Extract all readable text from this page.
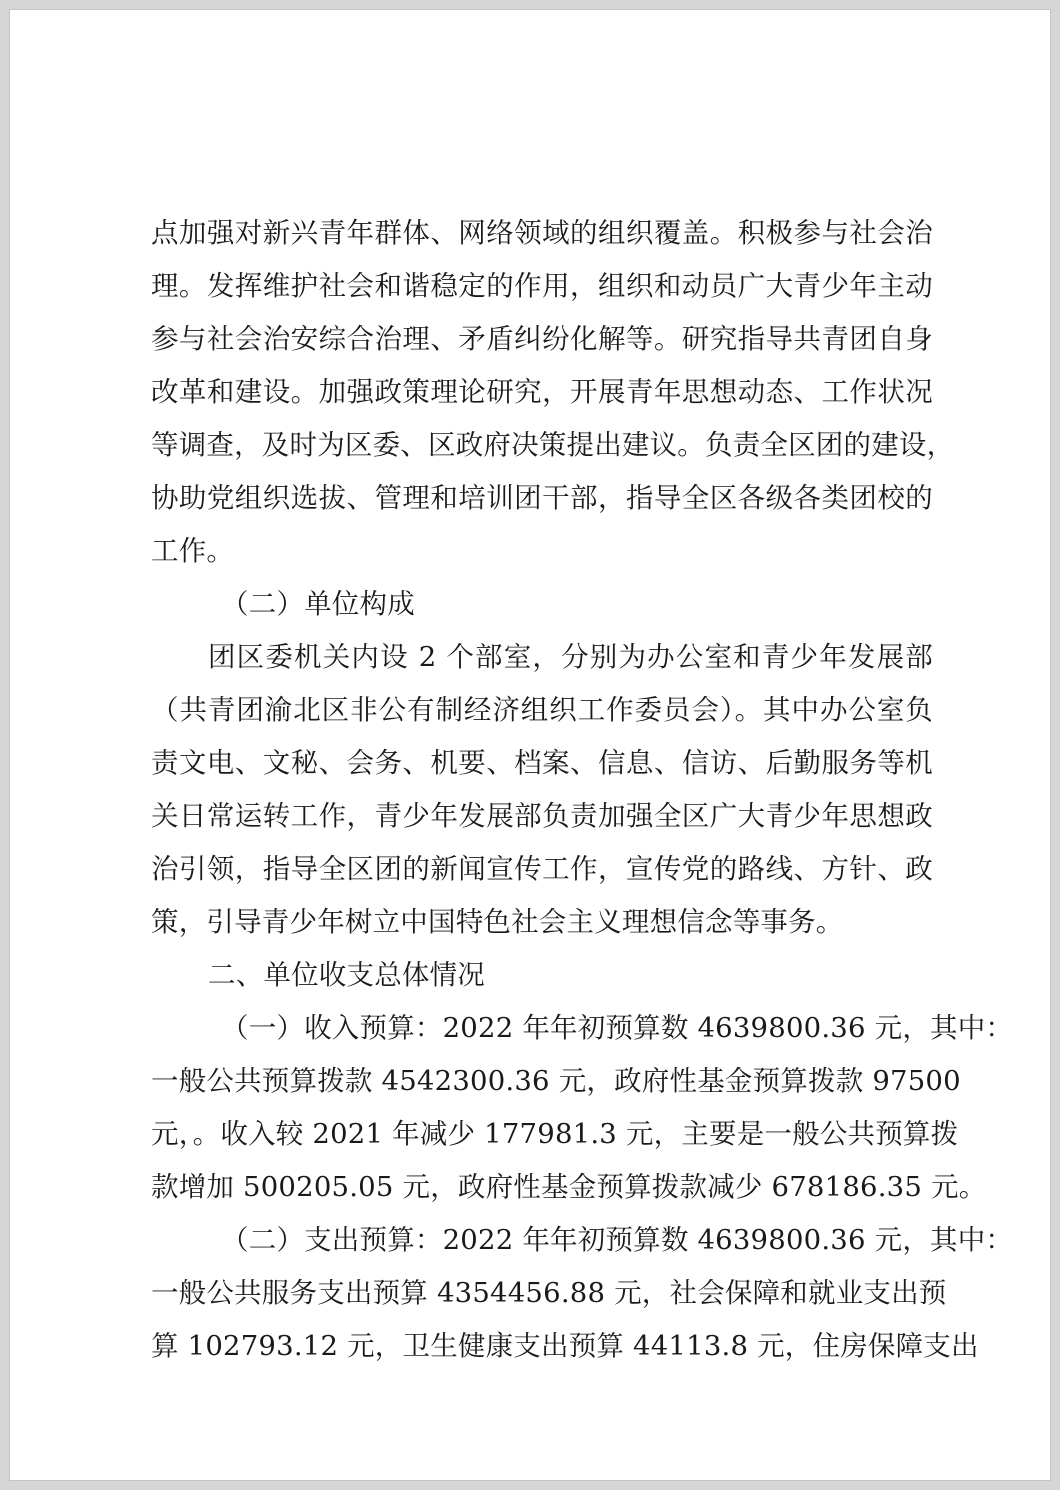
点加强对新兴青年群体、网络领域的组织覆盖。积极参与社会治
理。发挥维护社会和谐稳定的作用，组织和动员广大青少年主动
参与社会治安综合治理、矛盾纠纷化解等。研究指导共青团自身
改革和建设。加强政策理论研究，开展青年思想动态、工作状况
等调查，及时为区委、区政府决策提出建议。负责全区团的建设，
协助党组织选拔、管理和培训团干部，指导全区各级各类团校的
工作。
（二）单位构成
团区委机关内设 2 个部室，分别为办公室和青少年发展部
（共青团渝北区非公有制经济组织工作委员会）。其中办公室负
责文电、文秘、会务、机要、档案、信息、信访、后勤服务等机
关日常运转工作，青少年发展部负责加强全区广大青少年思想政
治引领，指导全区团的新闻宣传工作，宣传党的路线、方针、政
策，引导青少年树立中国特色社会主义理想信念等事务。
二、单位收支总体情况
（一）收入预算：2022 年年初预算数 4639800.36 元，其中：
一般公共预算拨款 4542300.36 元，政府性基金预算拨款 97500
元，。收入较 2021 年减少 177981.3 元，主要是一般公共预算拨
款增加 500205.05 元，政府性基金预算拨款减少 678186.35 元。
（二）支出预算：2022 年年初预算数 4639800.36 元，其中：
一般公共服务支出预算 4354456.88 元，社会保障和就业支出预
算 102793.12 元，卫生健康支出预算 44113.8 元，住房保障支出
